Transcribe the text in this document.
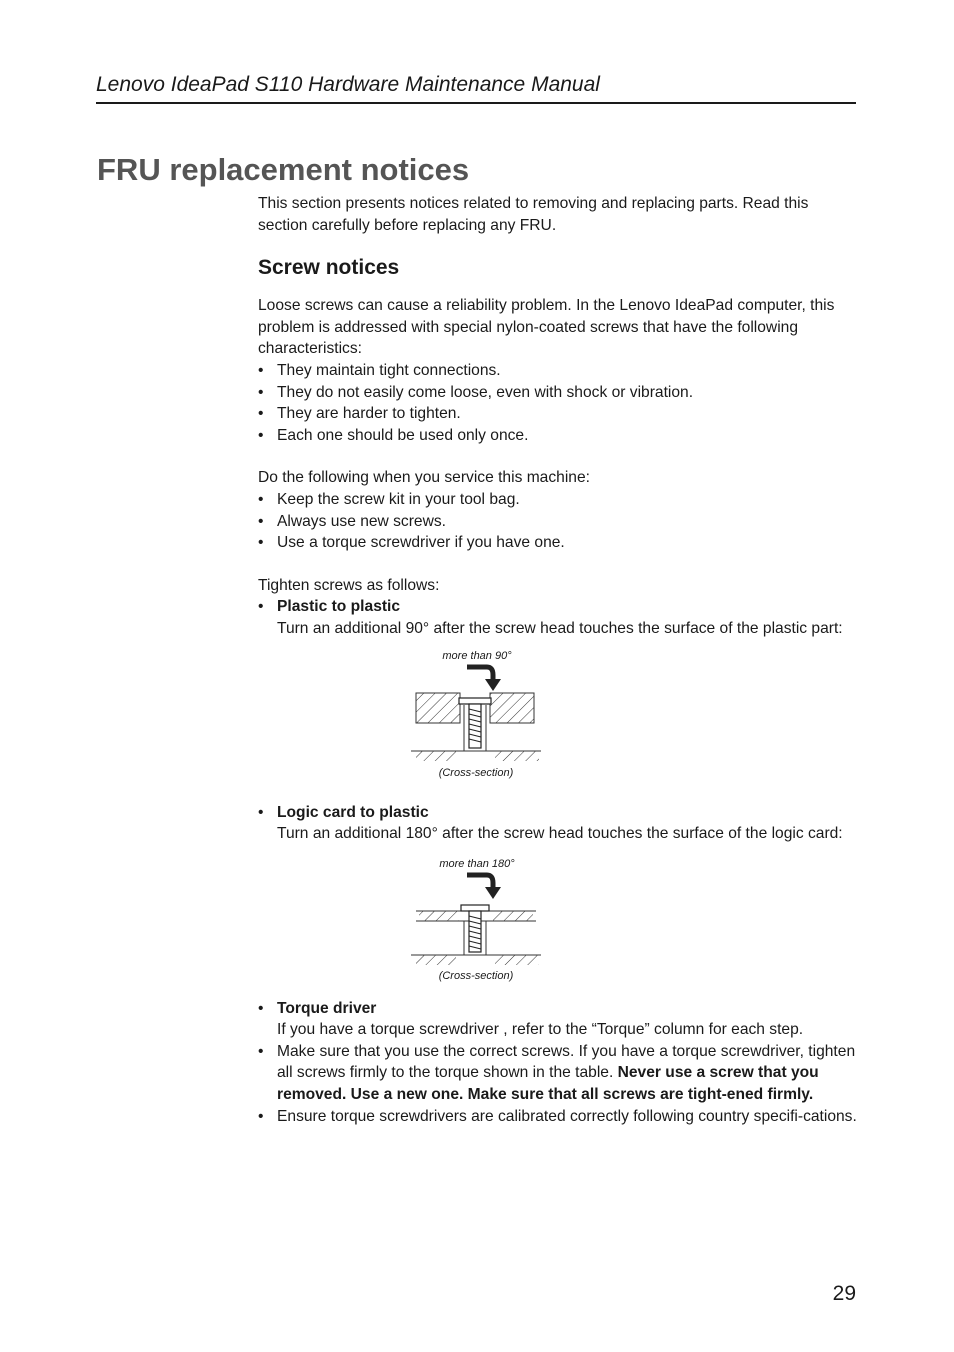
Lenovo IdeaPad S110 Hardware Maintenance Manual
FRU replacement notices

This section presents notices related to removing and replacing parts. Read this section carefully before replacing any FRU.

Screw notices

Loose screws can cause a reliability problem. In the Lenovo IdeaPad computer, this problem is addressed with special nylon-coated screws that have the following characteristics:

• They maintain tight connections.
• They do not easily come loose, even with shock or vibration.
• They are harder to tighten.
• Each one should be used only once.

Do the following when you service this machine:

• Keep the screw kit in your tool bag.
• Always use new screws.
• Use a torque screwdriver if you have one.

Tighten screws as follows:

• Plastic to plastic
Turn an additional 90° after the screw head touches the surface of the plastic part:
more than 90°
(Cross-section)
• Logic card to plastic
Turn an additional 180° after the screw head touches the surface of the logic card:
more than 180°
(Cross-section)
• Torque driver
If you have a torque screwdriver , refer to the “Torque” column for each step.
• Make sure that you use the correct screws. If you have a torque screwdriver, tighten all screws firmly to the torque shown in the table. Never use a screw that you removed. Use a new one. Make sure that all screws are tight-ened firmly.
• Ensure torque screwdrivers are calibrated correctly following country specifi-cations.
29
